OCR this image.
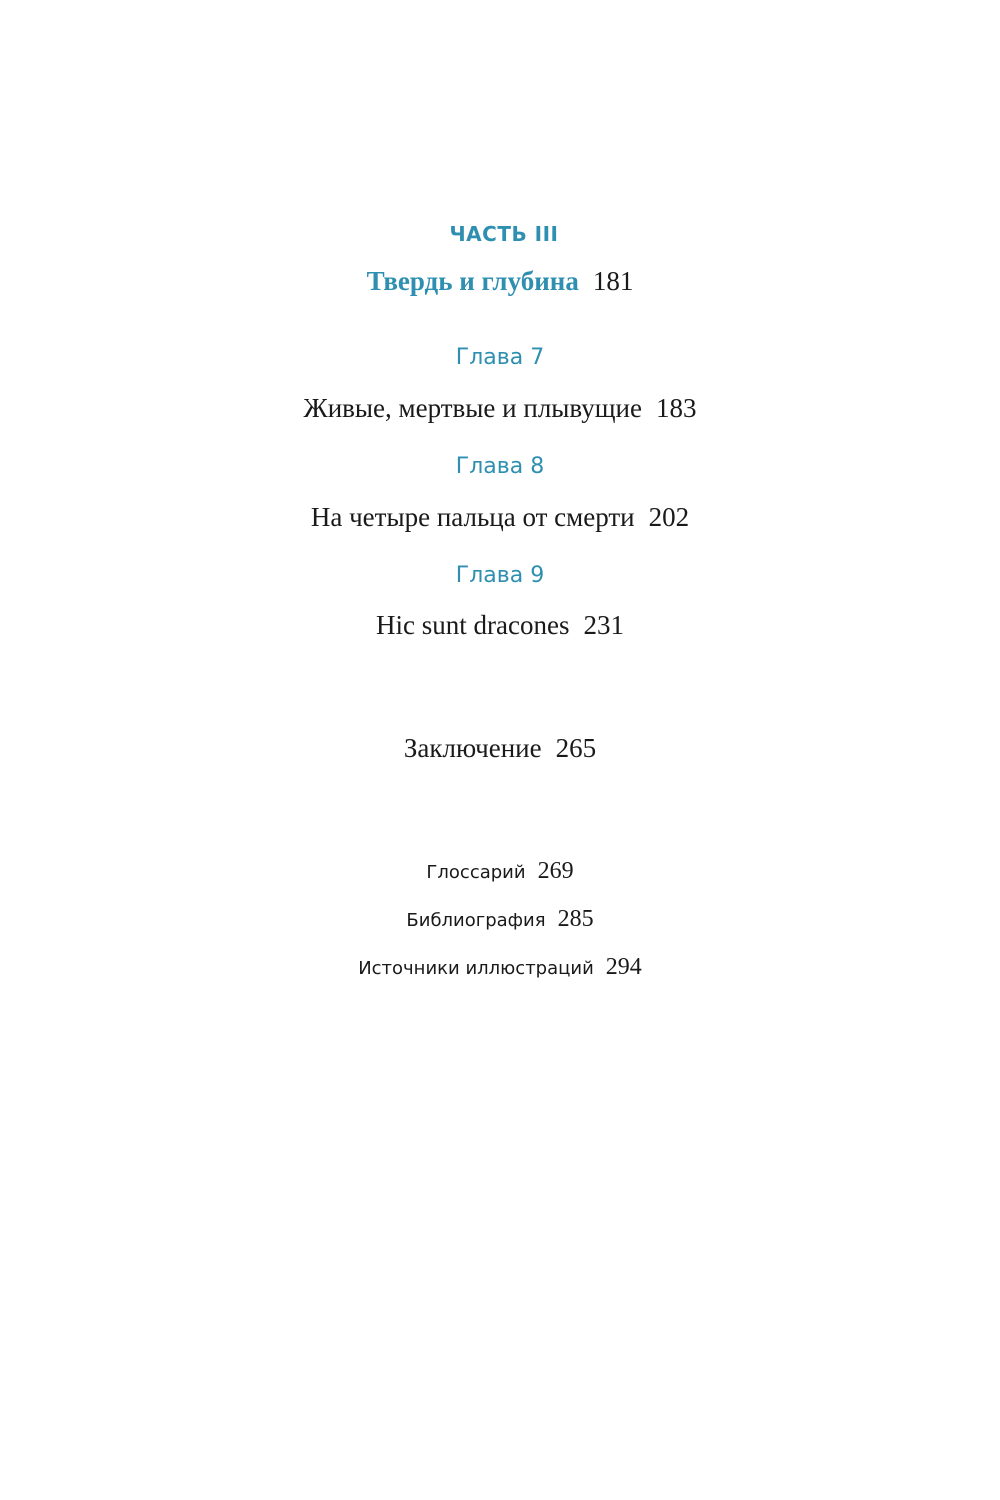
ЧАСТЬ III
Твердь и глубина 181
Глава 7
Живые, мертвые и плывущие 183
Глава 8
На четыре пальца от смерти 202
Глава 9
Hic sunt dracones 231
Заключение 265
Глоссарий 269
Библиография 285
Источники иллюстраций 294
